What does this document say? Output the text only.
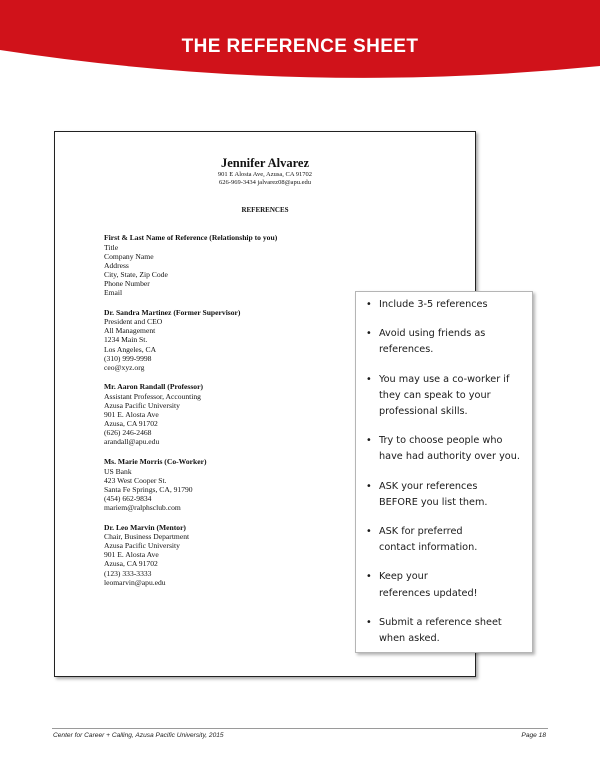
THE REFERENCE SHEET
Jennifer Alvarez
901 E Alosta Ave, Azusa, CA 91702
626-969-3434 jalvarez08@apu.edu
REFERENCES
First & Last Name of Reference (Relationship to you)
Title
Company Name
Address
City, State, Zip Code
Phone Number
Email
Dr. Sandra Martinez (Former Supervisor)
President and CEO
All Management
1234 Main St.
Los Angeles, CA
(310) 999-9998
ceo@xyz.org
Mr. Aaron Randall (Professor)
Assistant Professor, Accounting
Azusa Pacific University
901 E. Alosta Ave
Azusa, CA 91702
(626) 246-2468
arandall@apu.edu
Ms. Marie Morris (Co-Worker)
US Bank
423 West Cooper St.
Santa Fe Springs, CA, 91790
(454) 662-9834
mariem@ralphsclub.com
Dr. Leo Marvin (Mentor)
Chair, Business Department
Azusa Pacific University
901 E. Alosta Ave
Azusa, CA 91702
(123) 333-3333
leomarvin@apu.edu
• Include 3-5 references
• Avoid using friends as
references.
• You may use a co-worker if
they can speak to your
professional skills.
• Try to choose people who
have had authority over you.
• ASK your references
BEFORE you list them.
• ASK for preferred
contact information.
• Keep your
references updated!
• Submit a reference sheet
when asked.
Center for Career + Calling, Azusa Pacific University, 2015	Page 18
